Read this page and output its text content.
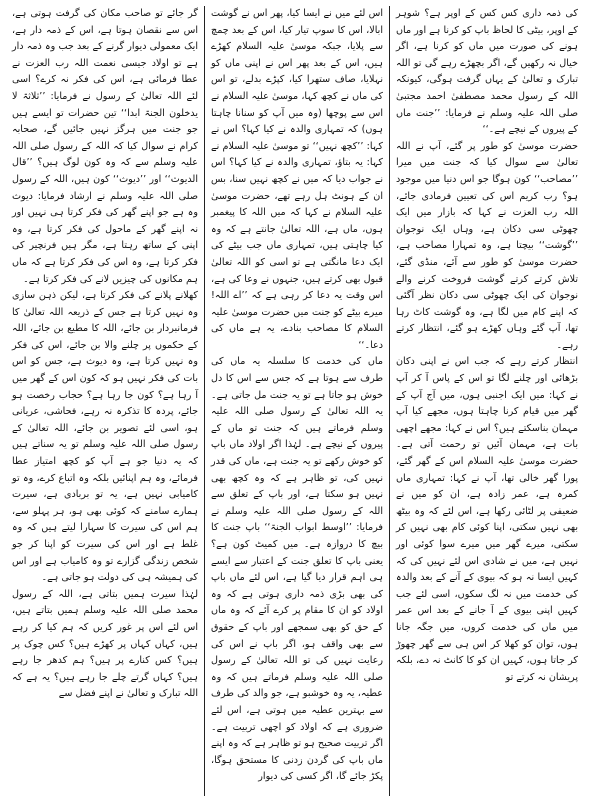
کی ذمہ داری کس کس کے اوپر ہے؟ شوہر کے اوپر، بیٹی کا لحاظ باپ کو کرنا ہے اور ماں ہونے کی صورت میں ماں کو کرنا ہے، اگر خیال نہ رکھیں گے، اگر بچھڑے رہے گی تو اللہ تبارک و تعالیٰ کے یہاں گرفت ہوگی، کیونکہ اللہ کے رسول محمد مصطفیٰ احمد مجتبیٰ صلی اللہ علیہ وسلم نے فرمایا: ’’جنت ماں کے پیروں کے نیچے ہے۔‘‘

حضرت موسیٰ کو طور پر گئے، آپ نے اللہ تعالیٰ سے سوال کیا کہ جنت میں میرا ’’مصاحب‘‘ کون ہوگا جو اس دنیا میں موجود ہو؟ رب کریم اس کی تعیین فرمادی جائے، اللہ رب العزت نے کہا کہ بازار میں ایک چھوٹی سی دکان ہے، وہاں ایک نوجوان ’’گوشت‘‘ بیچتا ہے، وہ تمہارا مصاحب ہے، حضرت موسیٰ کو طور سے آئے، منڈی گئے، تلاش کرتے کرتے گوشت فروخت کرنے والے نوجوان کی ایک چھوٹی سی دکان نظر آگئی کہ اپنے کام میں لگا ہے، وہ گوشت کاٹ رہا تھا، آپ گئے وہاں کھڑے ہو گئے، انتظار کرتے رہے۔

انتظار کرتے رہے کہ جب اس نے اپنی دکان بڑھائی اور چلنے لگا تو اس کے پاس آ کر آپ نے کہا: میں ایک اجنبی ہوں، میں آج آپ کے گھر میں قیام کرنا چاہتا ہوں، مجھے کیا آپ مہمان بناسکتے ہیں؟ اس نے کہا: مجھے اچھی بات ہے، مہمان آئیں تو رحمت آتی ہے۔ حضرت موسیٰ علیہ السلام اس کے گھر گئے، پورا گھر خالی تھا، آپ نے کہا: تمہاری ماں کمرہ ہے، عمر زادہ ہے، ان کو میں نے ضعیفی پر لٹائی رکھا ہے، اس لئے کہ وہ بیٹھ بھی نہیں سکتی، اپنا کوئی کام بھی نہیں کر سکتی، میرے گھر میں میرے سوا کوئی اور نہیں ہے، میں نے شادی اس لئے نہیں کی کہ کہیں ایسا نہ ہو کہ بیوی کے آنے کے بعد والدہ کی خدمت میں نہ لگ سکوں، اسی لئے جب کہیں اپنی بیوی کے آ جانے کے بعد اس عمر میں ماں کی خدمت کروں، میں جگہ جانا ہوں، توان کو کھلا کر اس ہی سے گھر چھوڑ کر جاتا ہوں، کہیں ان کو کا کانٹ نہ دے، بلکہ پریشان نہ کرتے تو

اس لئے میں نے ایسا کیا، پھر اس نے گوشت ابالا، اس کا سوپ تیار کیا، اس کے بعد چمچ سے پلایا، جبکہ موسیٰ علیہ السلام کھڑے ہیں، اس کے بعد پھر اس نے اپنی ماں کو نہلایا، صاف ستھرا کیا، کپڑے بدلے، تو اس کی ماں نے کچھ کہا، موسیٰ علیہ السلام نے اس سے پوچھا (وہ میں آپ کو سنانا چاہتا ہوں) کہ تمہاری والدہ نے کیا کہا؟ اس نے کہا: ’’کچھ نہیں‘‘ تو موسیٰ علیہ السلام نے کہا: یہ بتاؤ، تمہاری والدہ نے کیا کہا؟ اس نے جواب دیا کہ میں نے کچھ نہیں سنا، بس ان کے ہونٹ ہل رہے تھے، حضرت موسیٰ علیہ السلام نے کہا کہ میں اللہ کا پیغمبر ہوں، ماں ہے، اللہ تعالیٰ جانتے ہے کہ وہ کیا چاہتی ہیں، تمہاری ماں جب بیٹے کی ایک دعا مانگتی ہے تو اسی کو اللہ تعالیٰ قبول بھی کرتے ہیں، جنہوں نے وعا کی ہے، اس وقت یہ دعا کر رہی ہے کہ ’’اے اللہ! میرے بیٹے کو جنت میں حضرت موسیٰ علیہ السلام کا مصاحب بنادے، یہ ہے ماں کی دعا۔‘‘

ماں کی خدمت کا سلسلہ یہ ماں کی طرف سے ہوتا ہے کہ جس سے اس کا دل خوش ہو جاتا ہے تو یہ جنت مل جاتی ہے۔ یہ اللہ تعالیٰ کے رسول صلی اللہ علیہ وسلم فرماتے ہیں کہ جنت تو ماں کے پیروں کے نیچے ہے۔ لہٰذا اگر اولاد ماں باپ کو خوش رکھے تو یہ جنت ہے، ماں کی قدر نہیں کی، تو ظاہر ہے کہ وہ کچھ بھی نہیں ہو سکتا ہے، اور باپ کے تعلق سے اللہ کے رسول صلی اللہ علیہ وسلم نے فرمایا: ’’اوسط ابواب الجنۃ‘‘ باپ جنت کا بیچ کا دروازہ ہے۔ میں کمیٹ کون ہے؟ یعنی باپ کا تعلق جنت کے اعتبار سے ایسے ہی اہم قرار دیا گیا ہے، اس لئے ماں باپ کی بھی بڑی ذمہ داری ہوتی ہے کہ وہ اولاد کو ان کا مقام پر کرے آئے کہ وہ ماں کے حق کو بھی سمجھے اور باپ کے حقوق سے بھی واقف ہو، اگر باپ نے اس کی رعایت نہیں کی تو اللہ تعالیٰ کے رسول صلی اللہ علیہ وسلم فرماتے ہیں کہ وہ عطیہ، یہ وہ خوشبو ہے، جو والد کی طرف سے بہترین عطیہ میں ہوتی ہے، اس لئے ضروری ہے کہ اولاد کو اچھی تربیت ہے۔ اگر تربیت صحیح ہو تو ظاہر ہے کہ وہ اپنے ماں باپ کی گردن زدنی کا مستحق ہوگا، پکڑ جائے گا، اگر کسی کی دیوار

گر جائے تو صاحب مکان کی گرفت ہوتی ہے، اس سے نقصان ہوتا ہے، اس کے ذمہ دار ہے، ایک معمولی دیوار گرنے کے بعد جب وہ ذمہ دار ہے تو اولاد جیسی نعمت اللہ رب العزت نے عطا فرمائی ہے، اس کی فکر نہ کرے؟ اسی لئے اللہ تعالیٰ کے رسول نے فرمایا: ’’ثلاثۃ لا یدخلون الجنۃ ابدا‘‘ تین حضرات تو ایسے ہیں جو جنت میں ہرگز نہیں جائیں گے، صحابہ کرام نے سوال کیا کہ اللہ کے رسول صلی اللہ علیہ وسلم سے کہ وہ کون لوگ ہیں؟ ’’قال الدیوث‘‘ اور ’’دیوث‘‘ کون ہیں، اللہ کے رسول صلی اللہ علیہ وسلم نے ارشاد فرمایا: دیوث وہ ہے جو اپنے گھر کی فکر کرتا ہی نہیں اور نہ اپنے گھر کے ماحول کی فکر کرتا ہے، وہ اپنی کے ساتھ رہتا ہے، مگر ہیں فرنچیر کی فکر کرتا ہے، وہ اس کی فکر کرتا ہے کہ ماں ہم مکانوں کی چیزیں لانے کی فکر کرتا ہے۔

کھلانے پلانے کی فکر کرتا ہے، لیکن ذہن سازی وہ نہیں کرتا ہے جس کے ذریعہ اللہ تعالیٰ کا فرمانبردار بن جائے، اللہ کا مطیع بن جائے، اللہ کے حکموں پر چلنے والا بن جائے، اس کی فکر وہ نہیں کرتا ہے، وہ دیوث ہے، جس کو اس بات کی فکر نہیں ہو کہ کون اس کے گھر میں آ رہا ہے؟ کون جا رہا ہے؟ حجاب رخصت ہو جائے، پردہ کا تذکرہ نہ رہے، فحاشی، عریانی ہو، اسی لئے تصویر بن جائے، اللہ تعالیٰ کے رسول صلی اللہ علیہ وسلم تو یہ سناتے ہیں کہ یہ دنیا جو ہے آپ کو کچھ امتیاز عطا فرمائے، وہ ہم اپنائیں بلکہ وہ اتباع کرے، وہ تو کامیابی نہیں ہے، یہ تو بربادی ہے، سیرت ہمارے سامنے کہ کوئی بھی ہو، ہر پہلو سے، ہم اس کی سیرت کا سہارا لیتے ہیں کہ وہ غلط ہے اور اس کی سیرت کو اپنا کر جو شخص زندگی گزارے تو وہ کامیاب ہے اور اس کی ہمیشہ ہی کی دولت ہو جاتی ہے۔

لہٰذا سیرت ہمیں بتاتی ہے، اللہ کے رسول محمد صلی اللہ علیہ وسلم ہمیں بتاتے ہیں، اس لئے اس پر غور کریں کہ ہم کیا کر رہے ہیں، کہاں کہاں پر کھڑے ہیں؟ کس چوک پر ہیں؟ کس کنارے پر ہیں؟ ہم کدھر جا رہے ہیں؟ کہاں گرتے چلے جا رہے ہیں؟ یہ ہے کہ اللہ تبارک و تعالیٰ نے اپنے فضل سے
